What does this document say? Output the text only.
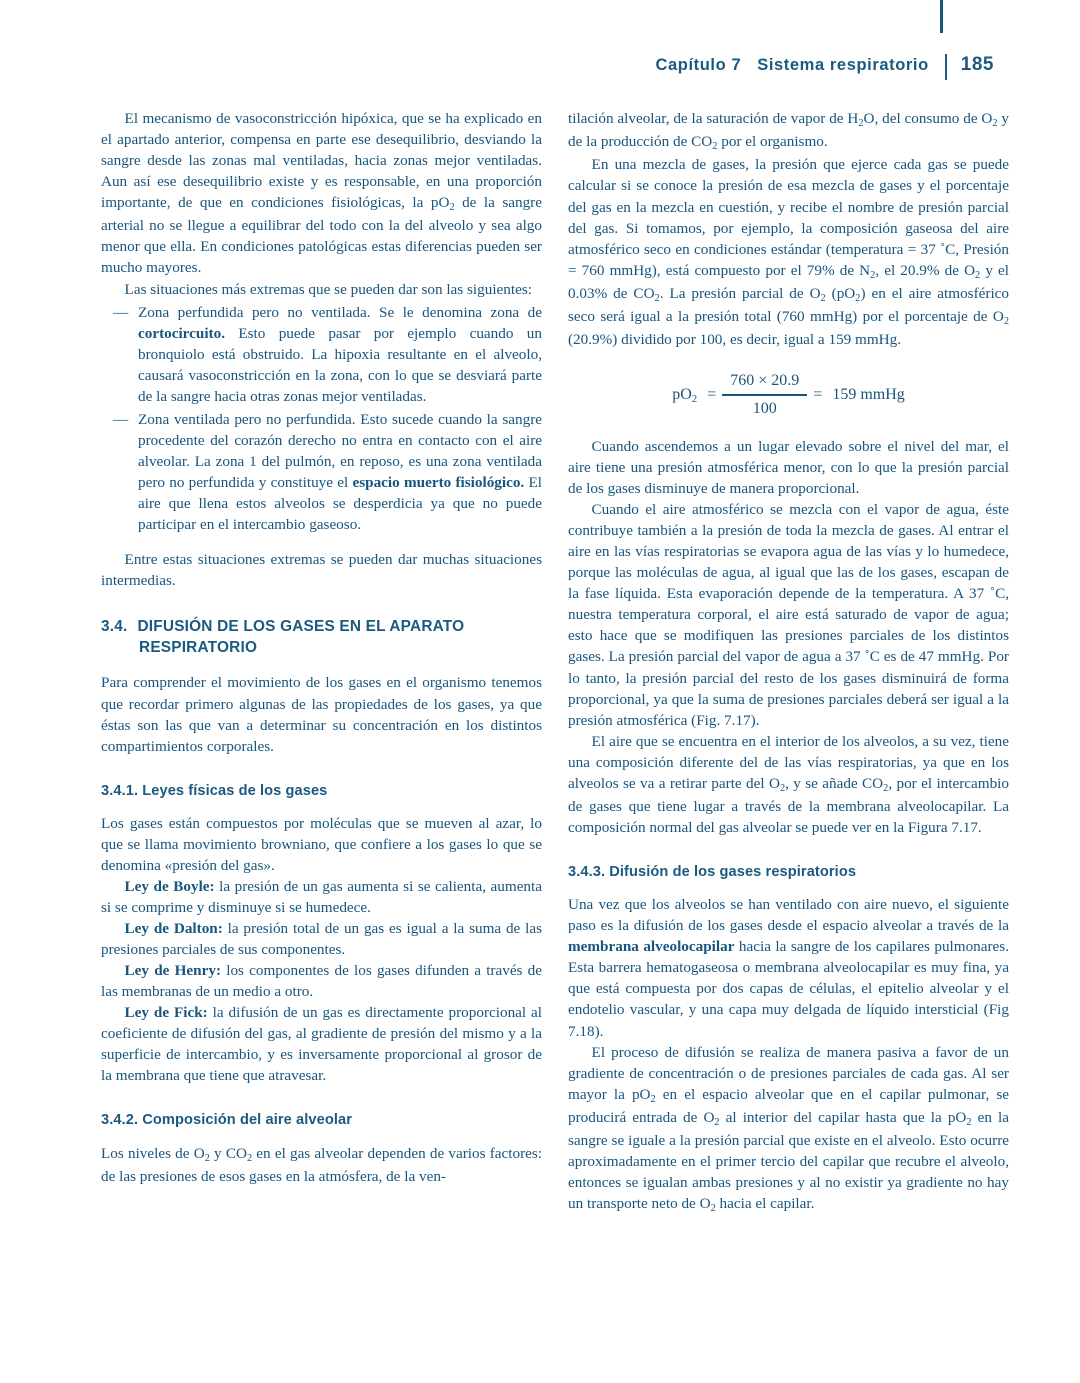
Capítulo 7 Sistema respiratorio 185

El mecanismo de vasoconstricción hipóxica, que se ha explicado en el apartado anterior, compensa en parte ese desequilibrio, desviando la sangre desde las zonas mal ventiladas, hacia zonas mejor ventiladas. Aun así ese desequilibrio existe y es responsable, en una proporción importante, de que en condiciones fisiológicas, la $pO_2$ de la sangre arterial no se llegue a equilibrar del todo con la del alveolo y sea algo menor que ella. En condiciones patológicas estas diferencias pueden ser mucho mayores.

Las situaciones más extremas que se pueden dar son las siguientes:

— Zona perfundida pero no ventilada. Se le denomina zona de cortocircuito. Esto puede pasar por ejemplo cuando un bronquiolo está obstruido. La hipoxia resultante en el alveolo, causará vasoconstricción en la zona, con lo que se desviará parte de la sangre hacia otras zonas mejor ventiladas.
— Zona ventilada pero no perfundida. Esto sucede cuando la sangre procedente del corazón derecho no entra en contacto con el aire alveolar. La zona 1 del pulmón, en reposo, es una zona ventilada pero no perfundida y constituye el espacio muerto fisiológico. El aire que llena estos alveolos se desperdicia ya que no puede participar en el intercambio gaseoso.

Entre estas situaciones extremas se pueden dar muchas situaciones intermedias.

3.4. DIFUSIÓN DE LOS GASES EN EL APARATO
RESPIRATORIO

Para comprender el movimiento de los gases en el organismo tenemos que recordar primero algunas de las propiedades de los gases, ya que éstas son las que van a determinar su concentración en los distintos compartimientos corporales.

3.4.1. Leyes físicas de los gases

Los gases están compuestos por moléculas que se mueven al azar, lo que se llama movimiento browniano, que confiere a los gases lo que se denomina «presión del gas».

Ley de Boyle: la presión de un gas aumenta si se calienta, aumenta si se comprime y disminuye si se humedece.

Ley de Dalton: la presión total de un gas es igual a la suma de las presiones parciales de sus componentes.

Ley de Henry: los componentes de los gases difunden a través de las membranas de un medio a otro.

Ley de Fick: la difusión de un gas es directamente proporcional al coeficiente de difusión del gas, al gradiente de presión del mismo y a la superficie de intercambio, y es inversamente proporcional al grosor de la membrana que tiene que atravesar.

3.4.2. Composición del aire alveolar

Los niveles de $O_2$ y $CO_2$ en el gas alveolar dependen de varios factores: de las presiones de esos gases en la atmósfera, de la ven-

tilación alveolar, de la saturación de vapor de $H_2O$, del consumo de $O_2$ y de la producción de $CO_2$ por el organismo.

En una mezcla de gases, la presión que ejerce cada gas se puede calcular si se conoce la presión de esa mezcla de gases y el porcentaje del gas en la mezcla en cuestión, y recibe el nombre de presión parcial del gas. Si tomamos, por ejemplo, la composición gaseosa del aire atmosférico seco en condiciones estándar (temperatura = 37 ˚C, Presión = 760 mmHg), está compuesto por el 79% de $N_2$, el 20.9% de $O_2$ y el 0.03% de $CO_2$. La presión parcial de $O_2$ $(pO_2)$ en el aire atmosférico seco será igual a la presión total (760 mmHg) por el porcentaje de $O_2$ (20.9%) dividido por 100, es decir, igual a 159 mmHg.

$pO_2 = \frac{760 \times 20.9}{100} = 159$ mmHg

Cuando ascendemos a un lugar elevado sobre el nivel del mar, el aire tiene una presión atmosférica menor, con lo que la presión parcial de los gases disminuye de manera proporcional.

Cuando el aire atmosférico se mezcla con el vapor de agua, éste contribuye también a la presión de toda la mezcla de gases. Al entrar el aire en las vías respiratorias se evapora agua de las vías y lo humedece, porque las moléculas de agua, al igual que las de los gases, escapan de la fase líquida. Esta evaporación depende de la temperatura. A 37 ˚C, nuestra temperatura corporal, el aire está saturado de vapor de agua; esto hace que se modifiquen las presiones parciales de los distintos gases. La presión parcial del vapor de agua a 37 ˚C es de 47 mmHg. Por lo tanto, la presión parcial del resto de los gases disminuirá de forma proporcional, ya que la suma de presiones parciales deberá ser igual a la presión atmosférica (Fig. 7.17).

El aire que se encuentra en el interior de los alveolos, a su vez, tiene una composición diferente del de las vías respiratorias, ya que en los alveolos se va a retirar parte del $O_2$, y se añade $CO_2$, por el intercambio de gases que tiene lugar a través de la membrana alveolocapilar. La composición normal del gas alveolar se puede ver en la Figura 7.17.

3.4.3. Difusión de los gases respiratorios

Una vez que los alveolos se han ventilado con aire nuevo, el siguiente paso es la difusión de los gases desde el espacio alveolar a través de la membrana alveolocapilar hacia la sangre de los capilares pulmonares. Esta barrera hematogaseosa o membrana alveolocapilar es muy fina, ya que está compuesta por dos capas de células, el epitelio alveolar y el endotelio vascular, y una capa muy delgada de líquido intersticial (Fig 7.18).

El proceso de difusión se realiza de manera pasiva a favor de un gradiente de concentración o de presiones parciales de cada gas. Al ser mayor la $pO_2$ en el espacio alveolar que en el capilar pulmonar, se producirá entrada de $O_2$ al interior del capilar hasta que la $pO_2$ en la sangre se iguale a la presión parcial que existe en el alveolo. Esto ocurre aproximadamente en el primer tercio del capilar que recubre el alveolo, entonces se igualan ambas presiones y al no existir ya gradiente no hay un transporte neto de $O_2$ hacia el capilar.
